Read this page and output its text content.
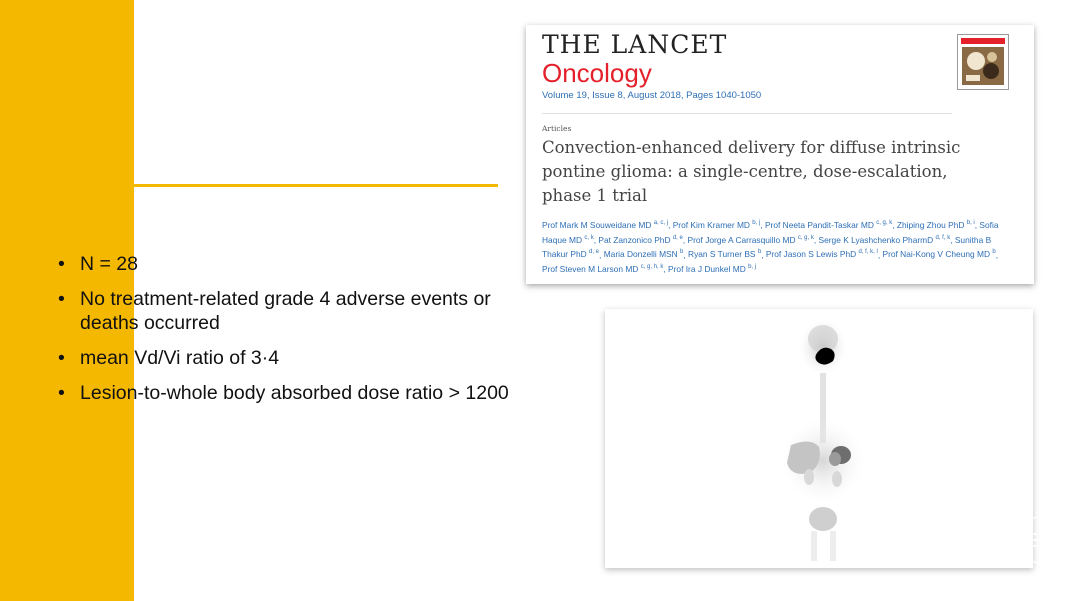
• N = 28
• No treatment-related grade 4 adverse events or deaths occurred
• mean Vd/Vi ratio of 3·4
• Lesion-to-whole body absorbed dose ratio > 1200
THE LANCET
Oncology
Volume 19, Issue 8, August 2018, Pages 1040-1050
Articles
Convection-enhanced delivery for diffuse intrinsic pontine glioma: a single-centre, dose-escalation, phase 1 trial
Prof Mark M Souweidane MD $^{a, c, j}$, Prof Kim Kramer MD $^{b, j}$, Prof Neeta Pandit-Taskar MD $^{c, g, k}$, Zhiping Zhou PhD $^{b, i}$, Sofia Haque MD $^{c, k}$, Pat Zanzonico PhD $^{d, e}$, Prof Jorge A Carrasquillo MD $^{c, g, k}$, Serge K Lyashchenko PharmD $^{d, f, k}$, Sunitha B Thakur PhD $^{d, e}$, Maria Donzelli MSN $^b$, Ryan S Turner BS $^b$, Prof Jason S Lewis PhD $^{d, f, k, l}$, Prof Nai-Kong V Cheung MD $^b$, Prof Steven M Larson MD $^{c, g, h, k}$, Prof Ira J Dunkel MD $^{b, j}$
